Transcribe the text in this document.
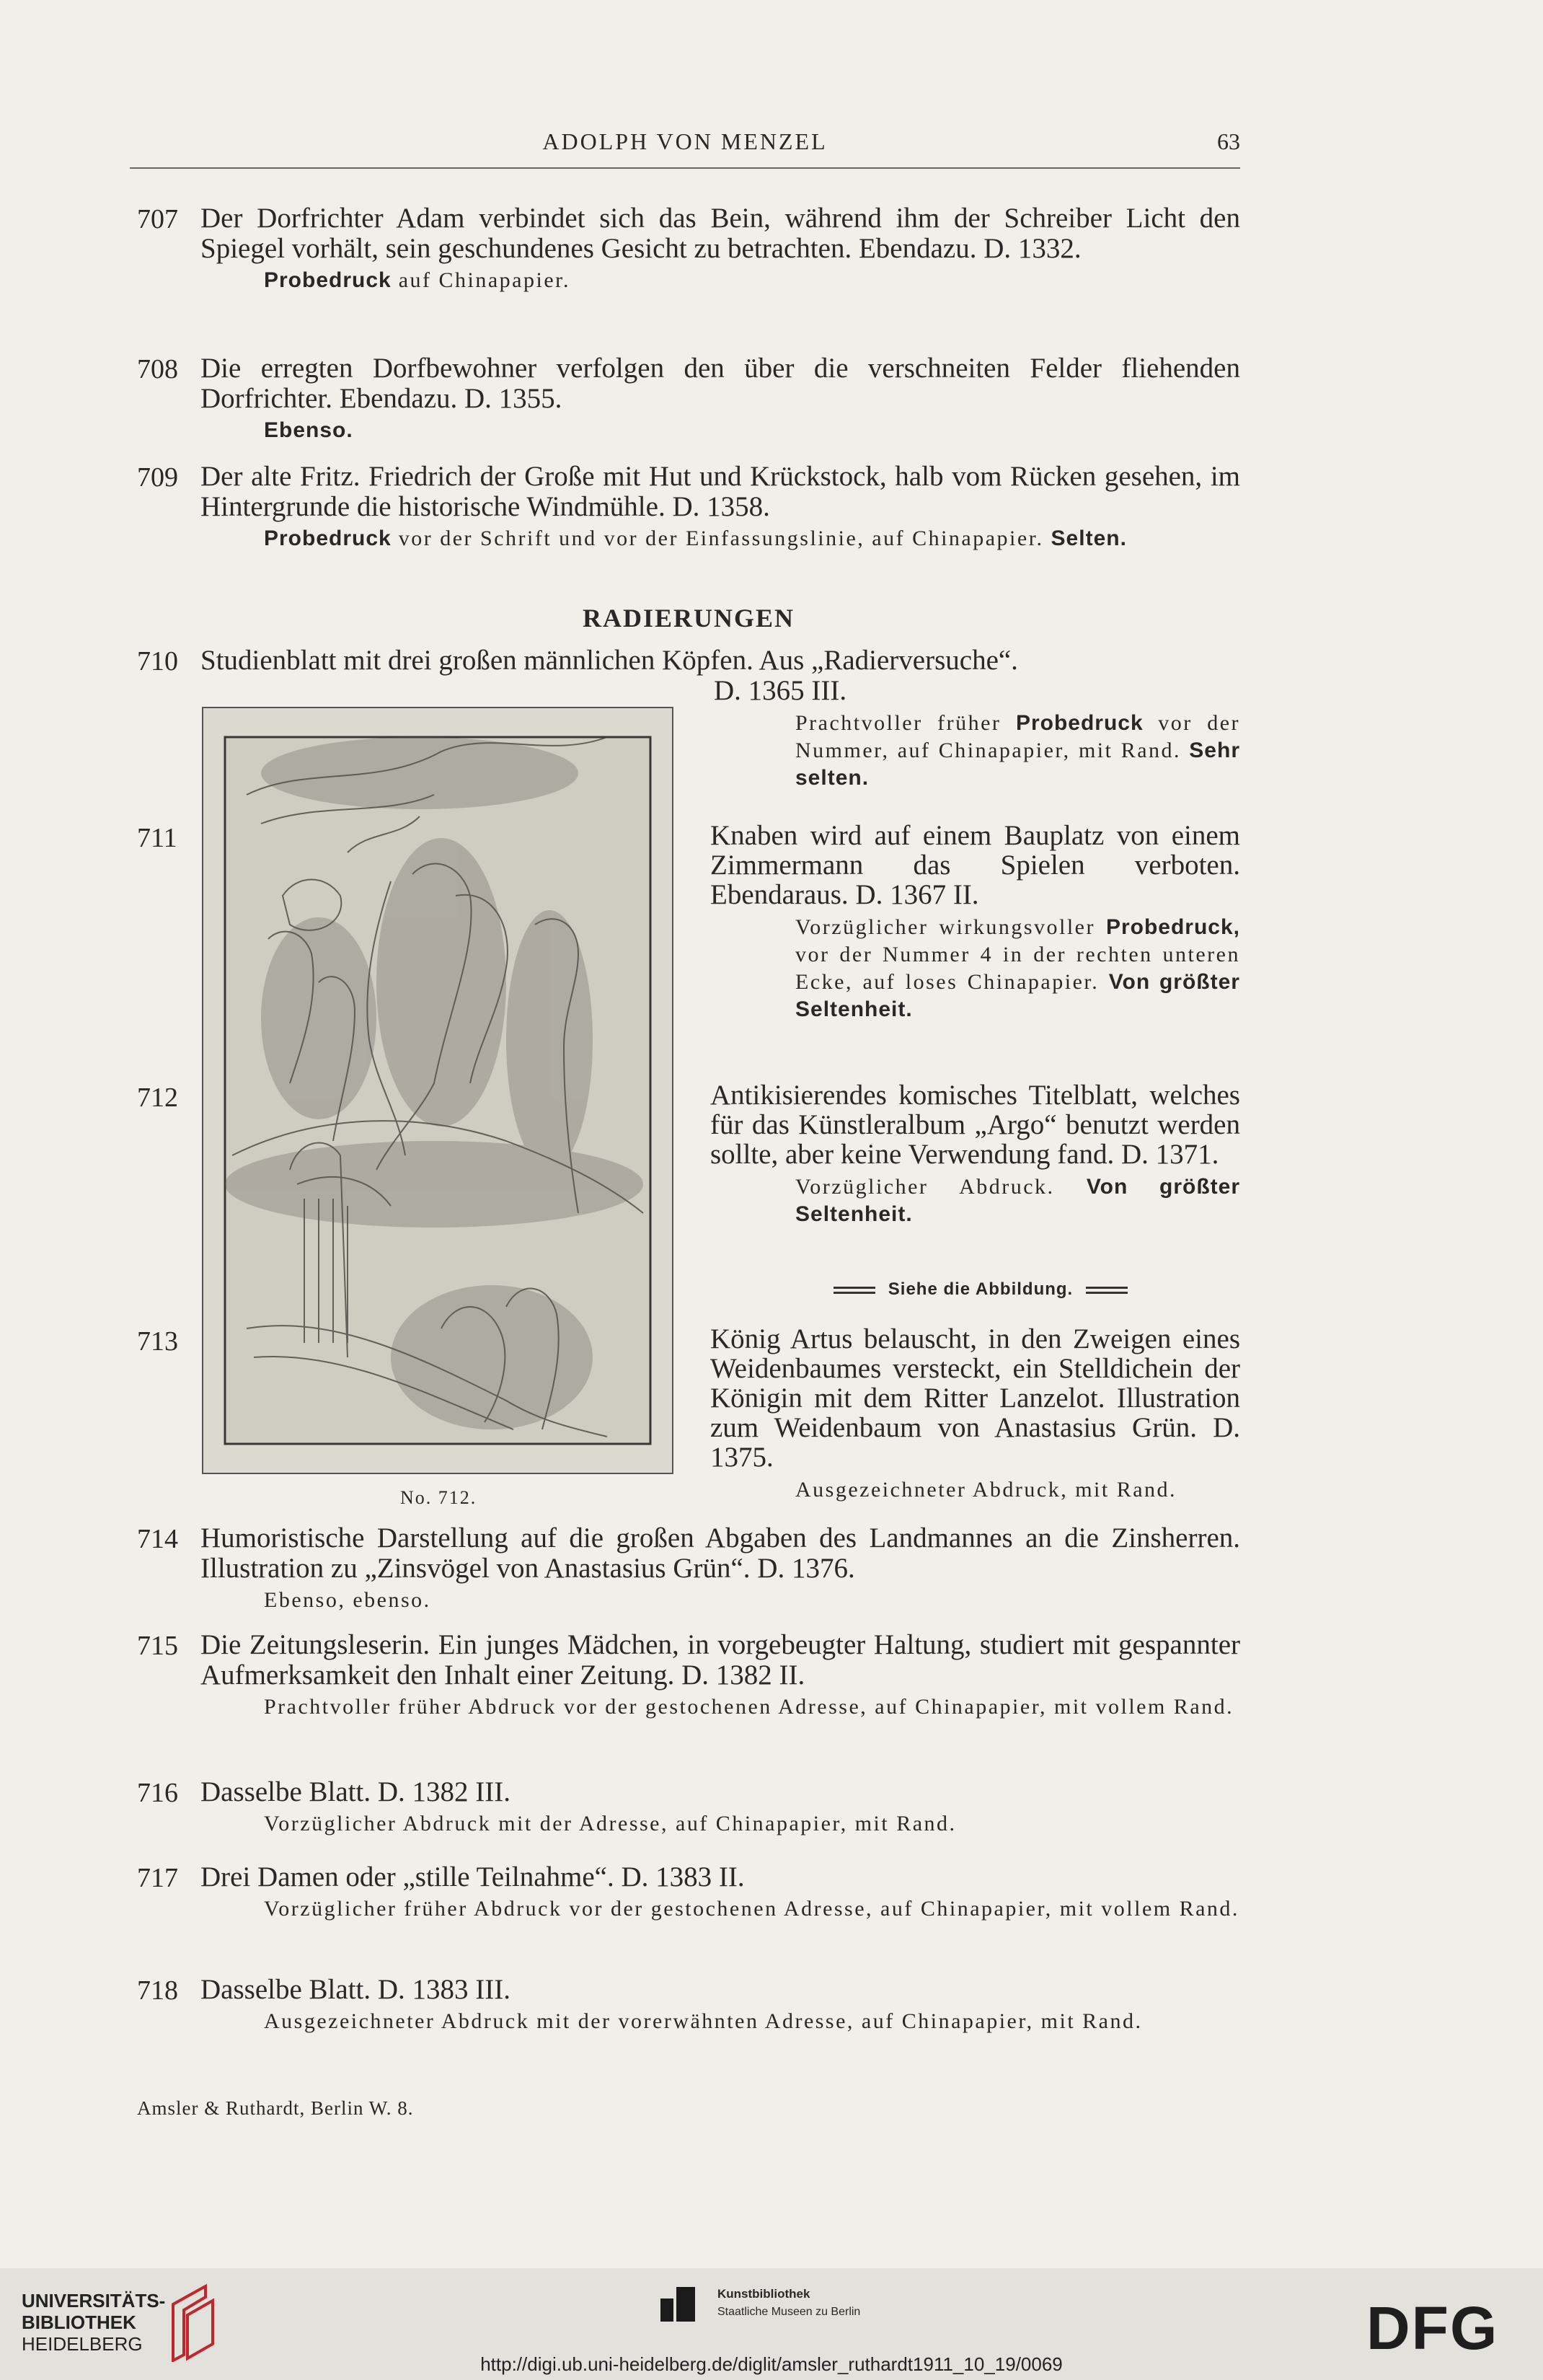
ADOLPH VON MENZEL	63
707 Der Dorfrichter Adam verbindet sich das Bein, während ihm der Schreiber Licht den Spiegel vorhält, sein geschundenes Gesicht zu betrachten. Ebendazu. D. 1332.
Probedruck auf Chinapapier.
708 Die erregten Dorfbewohner verfolgen den über die verschneiten Felder fliehenden Dorfrichter. Ebendazu. D. 1355.
Ebenso.
709 Der alte Fritz. Friedrich der Große mit Hut und Krückstock, halb vom Rücken gesehen, im Hintergrunde die historische Windmühle. D. 1358.
Probedruck vor der Schrift und vor der Einfassungslinie, auf Chinapapier. Selten.
RADIERUNGEN
710 Studienblatt mit drei großen männlichen Köpfen. Aus „Radierversuche“.
D. 1365 III.
Prachtvoller früher Probedruck vor der Nummer, auf Chinapapier, mit Rand. Sehr selten.
No. 712.
711	Knaben wird auf einem Bauplatz von einem Zimmermann das Spielen verboten. Ebendaraus. D. 1367 II.
Vorzüglicher wirkungsvoller Probedruck, vor der Nummer 4 in der rechten unteren Ecke, auf loses Chinapapier. Von größter Seltenheit.
712	Antikisierendes komisches Titelblatt, welches für das Künstleralbum „Argo“ benutzt werden sollte, aber keine Verwendung fand. D. 1371.
Vorzüglicher Abdruck. Von größter Seltenheit.
Siehe die Abbildung.
713	König Artus belauscht, in den Zweigen eines Weidenbaumes versteckt, ein Stelldichein der Königin mit dem Ritter Lanzelot. Illustration zum Weidenbaum von Anastasius Grün. D. 1375.
Ausgezeichneter Abdruck, mit Rand.
714 Humoristische Darstellung auf die großen Abgaben des Landmannes an die Zinsherren. Illustration zu „Zinsvögel von Anastasius Grün“. D. 1376.
Ebenso, ebenso.
715 Die Zeitungsleserin. Ein junges Mädchen, in vorgebeugter Haltung, studiert mit gespannter Aufmerksamkeit den Inhalt einer Zeitung. D. 1382 II.
Prachtvoller früher Abdruck vor der gestochenen Adresse, auf Chinapapier, mit vollem Rand.
716 Dasselbe Blatt. D. 1382 III.
Vorzüglicher Abdruck mit der Adresse, auf Chinapapier, mit Rand.
717 Drei Damen oder „stille Teilnahme“. D. 1383 II.
Vorzüglicher früher Abdruck vor der gestochenen Adresse, auf Chinapapier, mit vollem Rand.
718 Dasselbe Blatt. D. 1383 III.
Ausgezeichneter Abdruck mit der vorerwähnten Adresse, auf Chinapapier, mit Rand.
Amsler & Ruthardt, Berlin W. 8.
UNIVERSITÄTS-
BIBLIOTHEK
HEIDELBERG
Kunstbibliothek
Staatliche Museen zu Berlin	DFG
http://digi.ub.uni-heidelberg.de/diglit/amsler_ruthardt1911_10_19/0069
